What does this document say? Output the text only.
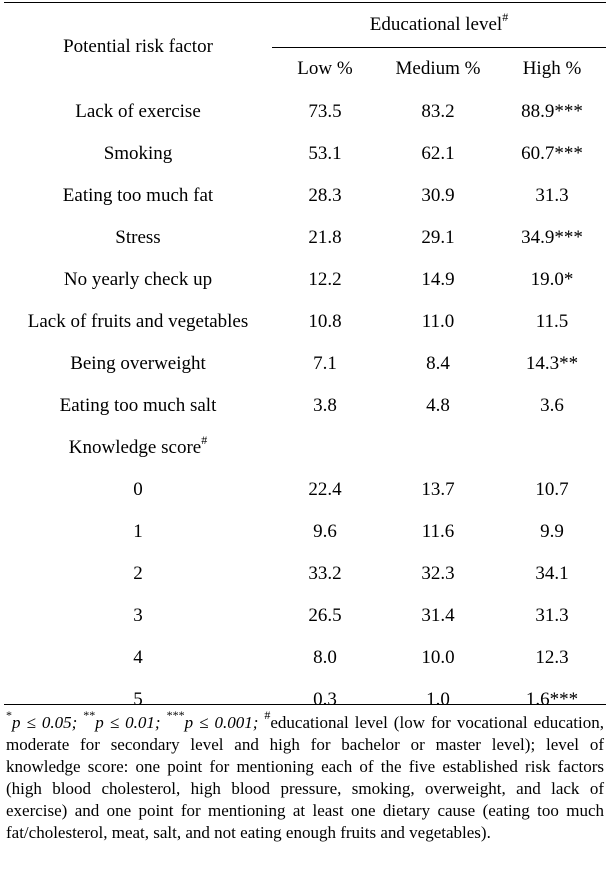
Potential risk factor	Educational level#
	Low %	Medium %	High %
Lack of exercise	73.5	83.2	88.9***
Smoking	53.1	62.1	60.7***
Eating too much fat	28.3	30.9	31.3
Stress	21.8	29.1	34.9***
No yearly check up	12.2	14.9	19.0*
Lack of fruits and vegetables	10.8	11.0	11.5
Being overweight	7.1	8.4	14.3**
Eating too much salt	3.8	4.8	3.6
Knowledge score#			
0	22.4	13.7	10.7
1	9.6	11.6	9.9
2	33.2	32.3	34.1
3	26.5	31.4	31.3
4	8.0	10.0	12.3
5	0.3	1.0	1.6***
*p ≤ 0.05; **p ≤ 0.01; ***p ≤ 0.001; #educational level (low for vocational education, moderate for secondary level and high for bachelor or master level); level of knowledge score: one point for mentioning each of the five established risk factors (high blood cholesterol, high blood pressure, smoking, overweight, and lack of exercise) and one point for mentioning at least one dietary cause (eating too much fat/cholesterol, meat, salt, and not eating enough fruits and vegetables).
